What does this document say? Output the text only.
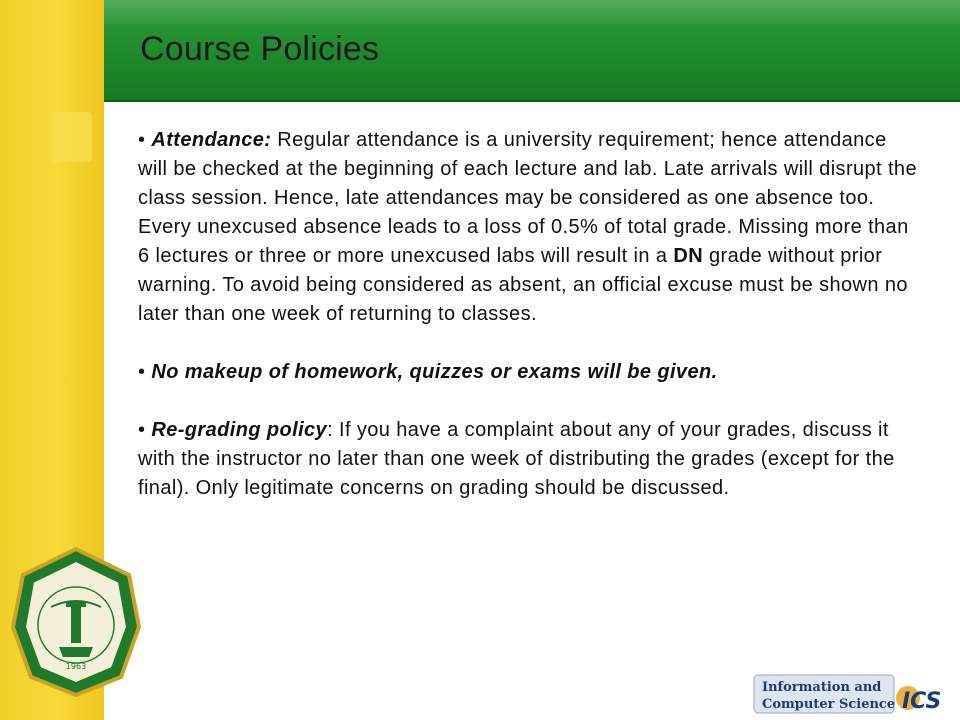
Course Policies

• Attendance: Regular attendance is a university requirement; hence attendance will be checked at the beginning of each lecture and lab. Late arrivals will disrupt the class session. Hence, late attendances may be considered as one absence too. Every unexcused absence leads to a loss of 0.5% of total grade. Missing more than 6 lectures or three or more unexcused labs will result in a DN grade without prior warning. To avoid being considered as absent, an official excuse must be shown no later than one week of returning to classes.

• No makeup of homework, quizzes or exams will be given.

• Re-grading policy: If you have a complaint about any of your grades, discuss it with the instructor no later than one week of distributing the grades (except for the final). Only legitimate concerns on grading should be discussed.

1963
Information and
Computer Science ICS
